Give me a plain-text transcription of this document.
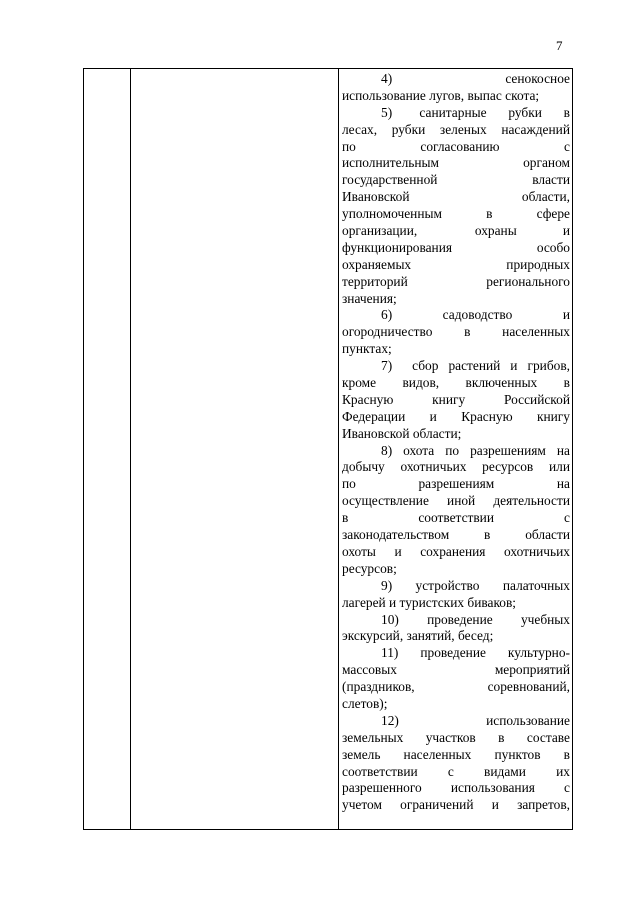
7
4)                 сенокосное
использование лугов, выпас скота;
5)     санитарные    рубки    в
лесах, рубки зеленых насаждений
по           согласованию           с
исполнительным           органом
государственной                 власти
Ивановской                    области,
уполномоченным      в      сфере
организации,          охраны        и
функционирования            особо
охраняемых                природных
территорий             регионального
значения;
6)          садоводство          и
огородничество     в     населенных
пунктах;
7)  сбор растений и грибов,
кроме    видов,    включенных    в
Красную     книгу     Российской
Федерации   и   Красную   книгу
Ивановской области;
8) охота по разрешениям на
добычу охотничьих ресурсов или
по           разрешениям           на
осуществление иной деятельности
в              соответствии              с
законодательством    в    области
охоты  и  сохранения  охотничьих
ресурсов;
9)  устройство  палаточных
лагерей и туристских биваков;
10)   проведение   учебных
экскурсий, занятий, бесед;
11)  проведение  культурно-
массовых                 мероприятий
(праздников,            соревнований,
слетов);
12)                 использование
земельных  участков  в  составе
земель  населенных  пунктов  в
соответствии     с     видами     их
разрешенного  использования  с
учетом ограничений и запретов,
